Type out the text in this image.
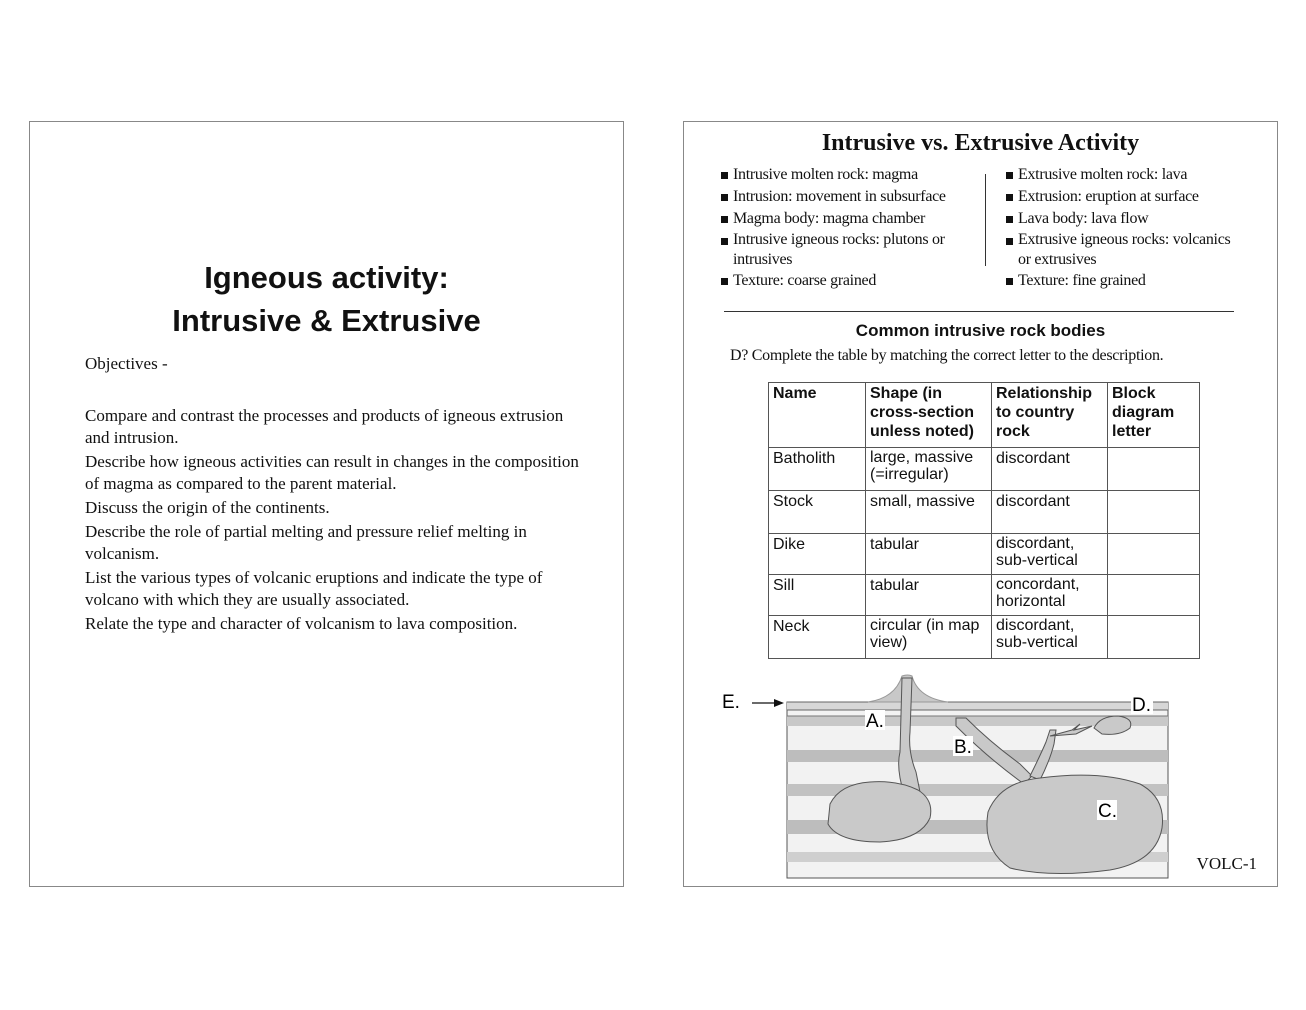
Igneous activity:
Intrusive & Extrusive
Objectives -
Compare and contrast the processes and products of igneous extrusion and intrusion.
Describe how igneous activities can result in changes in the composition of magma as compared to the parent material.
Discuss the origin of the continents.
Describe the role of partial melting and pressure relief melting in volcanism.
List the various types of volcanic eruptions and indicate the type of volcano with which they are usually associated.
Relate the type and character of volcanism to lava composition.
Intrusive vs. Extrusive Activity
Intrusive molten rock: magma
Intrusion: movement in subsurface
Magma body: magma chamber
Intrusive igneous rocks: plutons or intrusives
Texture: coarse grained
Extrusive molten rock: lava
Extrusion: eruption at surface
Lava body: lava flow
Extrusive igneous rocks: volcanics or extrusives
Texture: fine grained
Common intrusive rock bodies
D? Complete the table by matching the correct letter to the description.
Name	Shape (in cross-section unless noted)	Relationship to country rock	Block diagram letter
Batholith	large, massive (=irregular)	discordant	
Stock	small, massive	discordant	
Dike	tabular	discordant, sub-vertical	
Sill	tabular	concordant, horizontal	
Neck	circular (in map view)	discordant, sub-vertical	
A.
B.
C.
D.
E.
VOLC-1
